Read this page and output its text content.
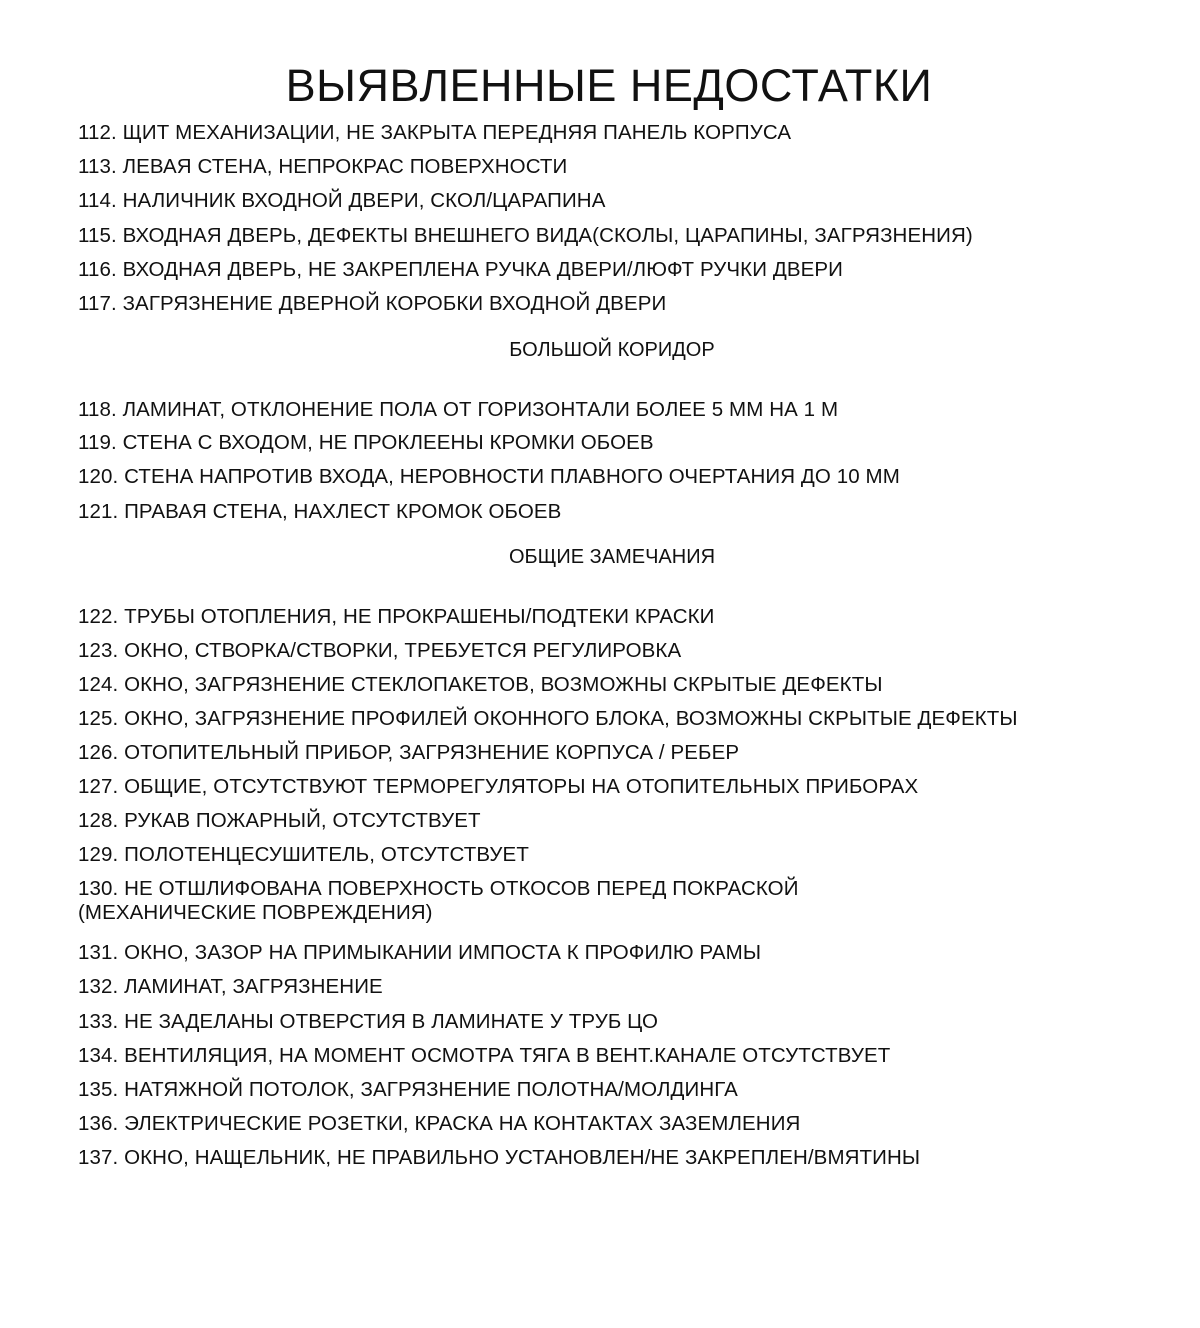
ВЫЯВЛЕННЫЕ НЕДОСТАТКИ
112. ЩИТ МЕХАНИЗАЦИИ, НЕ ЗАКРЫТА ПЕРЕДНЯЯ ПАНЕЛЬ КОРПУСА
113. ЛЕВАЯ СТЕНА, НЕПРОКРАС ПОВЕРХНОСТИ
114. НАЛИЧНИК ВХОДНОЙ ДВЕРИ, СКОЛ/ЦАРАПИНА
115. ВХОДНАЯ ДВЕРЬ, ДЕФЕКТЫ ВНЕШНЕГО ВИДА(СКОЛЫ, ЦАРАПИНЫ, ЗАГРЯЗНЕНИЯ)
116. ВХОДНАЯ ДВЕРЬ, НЕ ЗАКРЕПЛЕНА РУЧКА ДВЕРИ/ЛЮФТ РУЧКИ ДВЕРИ
117. ЗАГРЯЗНЕНИЕ ДВЕРНОЙ КОРОБКИ ВХОДНОЙ ДВЕРИ
БОЛЬШОЙ КОРИДОР
118. ЛАМИНАТ, ОТКЛОНЕНИЕ ПОЛА ОТ ГОРИЗОНТАЛИ БОЛЕЕ 5 ММ НА 1 М
119. СТЕНА С ВХОДОМ, НЕ ПРОКЛЕЕНЫ КРОМКИ ОБОЕВ
120. СТЕНА НАПРОТИВ ВХОДА, НЕРОВНОСТИ ПЛАВНОГО ОЧЕРТАНИЯ ДО 10 ММ
121. ПРАВАЯ СТЕНА, НАХЛЕСТ КРОМОК ОБОЕВ
ОБЩИЕ ЗАМЕЧАНИЯ
122. ТРУБЫ ОТОПЛЕНИЯ, НЕ ПРОКРАШЕНЫ/ПОДТЕКИ КРАСКИ
123. ОКНО, СТВОРКА/СТВОРКИ, ТРЕБУЕТСЯ РЕГУЛИРОВКА
124. ОКНО, ЗАГРЯЗНЕНИЕ СТЕКЛОПАКЕТОВ, ВОЗМОЖНЫ СКРЫТЫЕ ДЕФЕКТЫ
125. ОКНО, ЗАГРЯЗНЕНИЕ ПРОФИЛЕЙ ОКОННОГО БЛОКА, ВОЗМОЖНЫ СКРЫТЫЕ ДЕФЕКТЫ
126. ОТОПИТЕЛЬНЫЙ ПРИБОР, ЗАГРЯЗНЕНИЕ КОРПУСА / РЕБЕР
127. ОБЩИЕ, ОТСУТСТВУЮТ ТЕРМОРЕГУЛЯТОРЫ НА ОТОПИТЕЛЬНЫХ ПРИБОРАХ
128. РУКАВ ПОЖАРНЫЙ, ОТСУТСТВУЕТ
129. ПОЛОТЕНЦЕСУШИТЕЛЬ, ОТСУТСТВУЕТ
130. НЕ ОТШЛИФОВАНА ПОВЕРХНОСТЬ ОТКОСОВ ПЕРЕД ПОКРАСКОЙ (МЕХАНИЧЕСКИЕ ПОВРЕЖДЕНИЯ)
131. ОКНО, ЗАЗОР НА ПРИМЫКАНИИ ИМПОСТА К ПРОФИЛЮ РАМЫ
132. ЛАМИНАТ, ЗАГРЯЗНЕНИЕ
133. НЕ ЗАДЕЛАНЫ ОТВЕРСТИЯ В ЛАМИНАТЕ У ТРУБ ЦО
134. ВЕНТИЛЯЦИЯ, НА МОМЕНТ ОСМОТРА ТЯГА В ВЕНТ.КАНАЛЕ ОТСУТСТВУЕТ
135. НАТЯЖНОЙ ПОТОЛОК, ЗАГРЯЗНЕНИЕ ПОЛОТНА/МОЛДИНГА
136. ЭЛЕКТРИЧЕСКИЕ РОЗЕТКИ, КРАСКА НА КОНТАКТАХ ЗАЗЕМЛЕНИЯ
137. ОКНО, НАЩЕЛЬНИК, НЕ ПРАВИЛЬНО УСТАНОВЛЕН/НЕ ЗАКРЕПЛЕН/ВМЯТИНЫ
